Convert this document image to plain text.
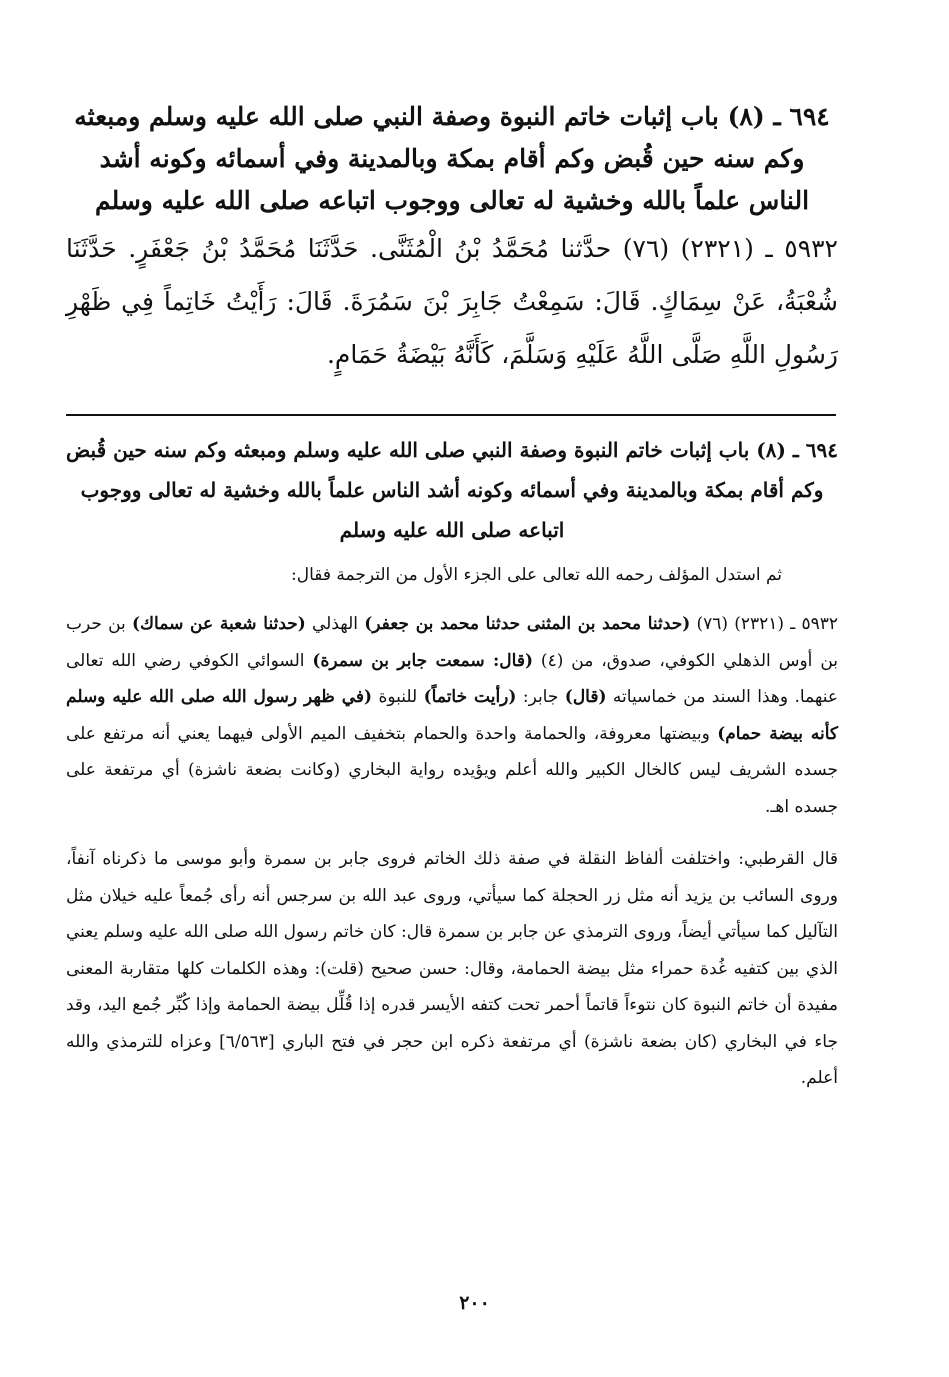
٦٩٤ ـ (٨) باب إثبات خاتم النبوة وصفة النبي صلى الله عليه وسلم ومبعثه وكم سنه حين قُبض وكم أقام بمكة وبالمدينة وفي أسمائه وكونه أشد الناس علماً بالله وخشية له تعالى ووجوب اتباعه صلى الله عليه وسلم

٥٩٣٢ ـ (٢٣٢١) (٧٦) حدَّثنا مُحَمَّدُ بْنُ الْمُثَنَّى. حَدَّثَنَا مُحَمَّدُ بْنُ جَعْفَرٍ. حَدَّثَنَا شُعْبَةُ، عَنْ سِمَاكٍ. قَالَ: سَمِعْتُ جَابِرَ بْنَ سَمُرَةَ. قَالَ: رَأَيْتُ خَاتِماً فِي ظَهْرِ رَسُولِ اللَّهِ صَلَّى اللَّهُ عَلَيْهِ وَسَلَّمَ، كَأَنَّهُ بَيْضَةُ حَمَامٍ.

٦٩٤ ـ (٨) باب إثبات خاتم النبوة وصفة النبي صلى الله عليه وسلم ومبعثه وكم سنه حين قُبض وكم أقام بمكة وبالمدينة وفي أسمائه وكونه أشد الناس علماً بالله وخشية له تعالى ووجوب اتباعه صلى الله عليه وسلم

ثم استدل المؤلف رحمه الله تعالى على الجزء الأول من الترجمة فقال:

٥٩٣٢ ـ (٢٣٢١) (٧٦) (حدثنا محمد بن المثنى حدثنا محمد بن جعفر) الهذلي (حدثنا شعبة عن سماك) بن حرب بن أوس الذهلي الكوفي، صدوق، من (٤) (قال: سمعت جابر بن سمرة) السوائي الكوفي رضي الله تعالى عنهما. وهذا السند من خماسياته (قال) جابر: (رأيت خاتماً) للنبوة (في ظهر رسول الله صلى الله عليه وسلم كأنه بيضة حمام) وبيضتها معروفة، والحمامة واحدة والحمام بتخفيف الميم الأولى فيهما يعني أنه مرتفع على جسده الشريف ليس كالخال الكبير والله أعلم ويؤيده رواية البخاري (وكانت بضعة ناشزة) أي مرتفعة على جسده اهـ.

قال القرطبي: واختلفت ألفاظ النقلة في صفة ذلك الخاتم فروى جابر بن سمرة وأبو موسى ما ذكرناه آنفاً، وروى السائب بن يزيد أنه مثل زر الحجلة كما سيأتي، وروى عبد الله بن سرجس أنه رأى جُمعاً عليه خيلان مثل التآليل كما سيأتي أيضاً، وروى الترمذي عن جابر بن سمرة قال: كان خاتم رسول الله صلى الله عليه وسلم يعني الذي بين كتفيه غُدة حمراء مثل بيضة الحمامة، وقال: حسن صحيح (قلت): وهذه الكلمات كلها متقاربة المعنى مفيدة أن خاتم النبوة كان نتوءاً قاتماً أحمر تحت كتفه الأيسر قدره إذا قُلِّل بيضة الحمامة وإذا كُبِّر جُمع اليد، وقد جاء في البخاري (كان بضعة ناشزة) أي مرتفعة ذكره ابن حجر في فتح الباري [٦/٥٦٣] وعزاه للترمذي والله أعلم.

٢٠٠
